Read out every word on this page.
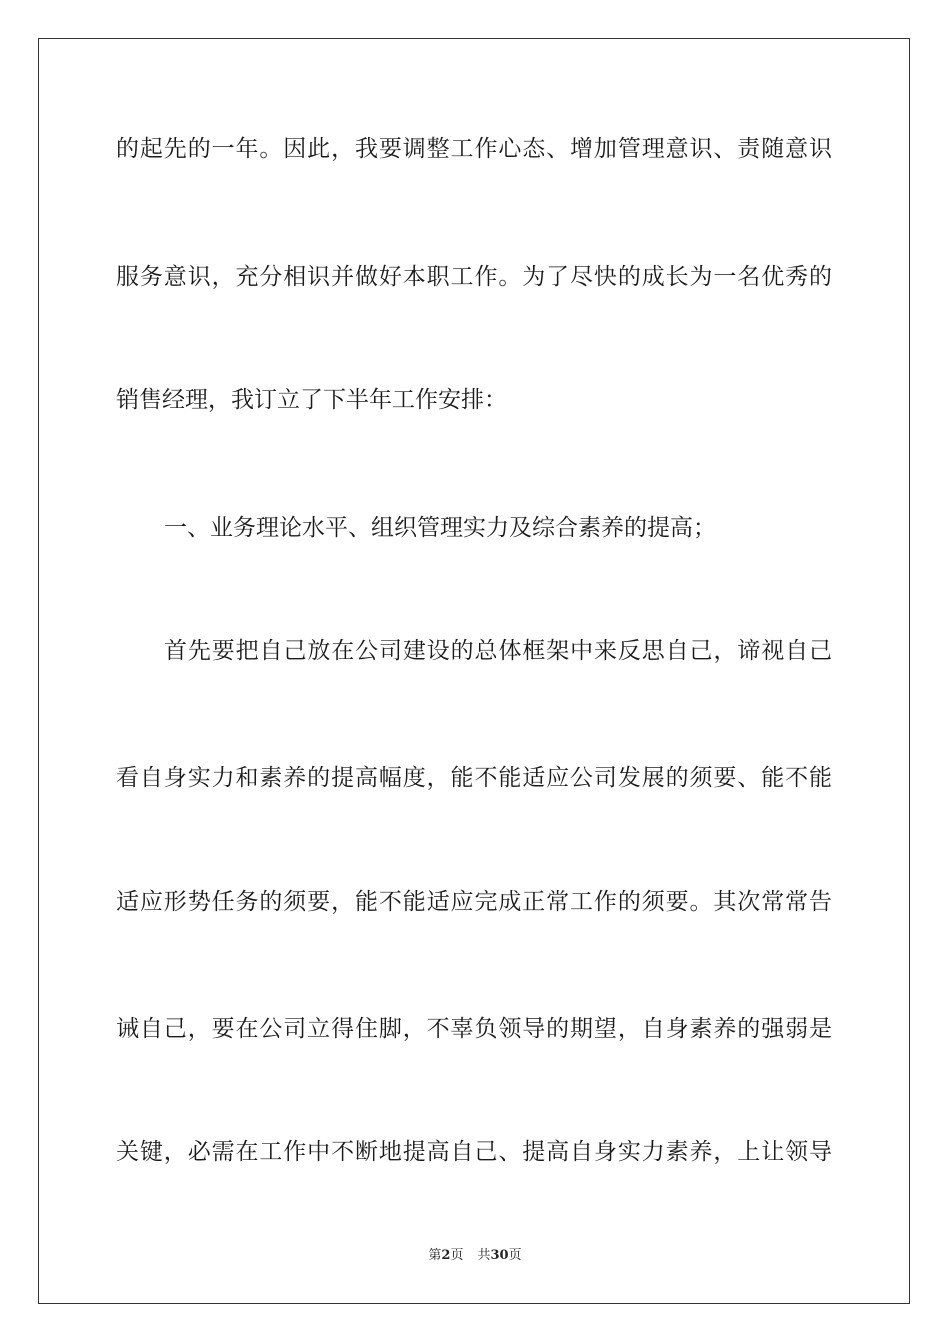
的起先的一年。因此，我要调整工作心态、增加管理意识、责随意识
服务意识，充分相识并做好本职工作。为了尽快的成长为一名优秀的
销售经理，我订立了下半年工作安排：
一、业务理论水平、组织管理实力及综合素养的提高；
首先要把自己放在公司建设的总体框架中来反思自己，谛视自己
看自身实力和素养的提高幅度，能不能适应公司发展的须要、能不能
适应形势任务的须要，能不能适应完成正常工作的须要。其次常常告
诫自己，要在公司立得住脚，不辜负领导的期望，自身素养的强弱是
关键，必需在工作中不断地提高自己、提高自身实力素养，上让领导
第2页 共30页
